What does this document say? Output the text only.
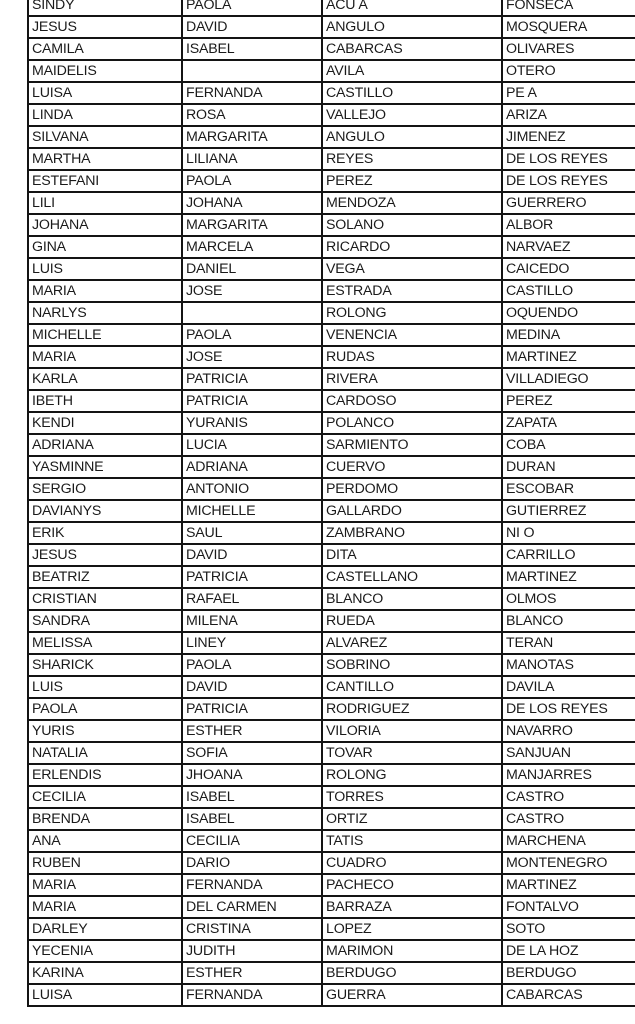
SINDY	PAOLA	ACU A	FONSECA
JESUS	DAVID	ANGULO	MOSQUERA
CAMILA	ISABEL	CABARCAS	OLIVARES
MAIDELIS		AVILA	OTERO
LUISA	FERNANDA	CASTILLO	PE A
LINDA	ROSA	VALLEJO	ARIZA
SILVANA	MARGARITA	ANGULO	JIMENEZ
MARTHA	LILIANA	REYES	DE LOS REYES
ESTEFANI	PAOLA	PEREZ	DE LOS REYES
LILI	JOHANA	MENDOZA	GUERRERO
JOHANA	MARGARITA	SOLANO	ALBOR
GINA	MARCELA	RICARDO	NARVAEZ
LUIS	DANIEL	VEGA	CAICEDO
MARIA	JOSE	ESTRADA	CASTILLO
NARLYS		ROLONG	OQUENDO
MICHELLE	PAOLA	VENENCIA	MEDINA
MARIA	JOSE	RUDAS	MARTINEZ
KARLA	PATRICIA	RIVERA	VILLADIEGO
IBETH	PATRICIA	CARDOSO	PEREZ
KENDI	YURANIS	POLANCO	ZAPATA
ADRIANA	LUCIA	SARMIENTO	COBA
YASMINNE	ADRIANA	CUERVO	DURAN
SERGIO	ANTONIO	PERDOMO	ESCOBAR
DAVIANYS	MICHELLE	GALLARDO	GUTIERREZ
ERIK	SAUL	ZAMBRANO	NI O
JESUS	DAVID	DITA	CARRILLO
BEATRIZ	PATRICIA	CASTELLANO	MARTINEZ
CRISTIAN	RAFAEL	BLANCO	OLMOS
SANDRA	MILENA	RUEDA	BLANCO
MELISSA	LINEY	ALVAREZ	TERAN
SHARICK	PAOLA	SOBRINO	MANOTAS
LUIS	DAVID	CANTILLO	DAVILA
PAOLA	PATRICIA	RODRIGUEZ	DE LOS REYES
YURIS	ESTHER	VILORIA	NAVARRO
NATALIA	SOFIA	TOVAR	SANJUAN
ERLENDIS	JHOANA	ROLONG	MANJARRES
CECILIA	ISABEL	TORRES	CASTRO
BRENDA	ISABEL	ORTIZ	CASTRO
ANA	CECILIA	TATIS	MARCHENA
RUBEN	DARIO	CUADRO	MONTENEGRO
MARIA	FERNANDA	PACHECO	MARTINEZ
MARIA	DEL CARMEN	BARRAZA	FONTALVO
DARLEY	CRISTINA	LOPEZ	SOTO
YECENIA	JUDITH	MARIMON	DE LA HOZ
KARINA	ESTHER	BERDUGO	BERDUGO
LUISA	FERNANDA	GUERRA	CABARCAS
